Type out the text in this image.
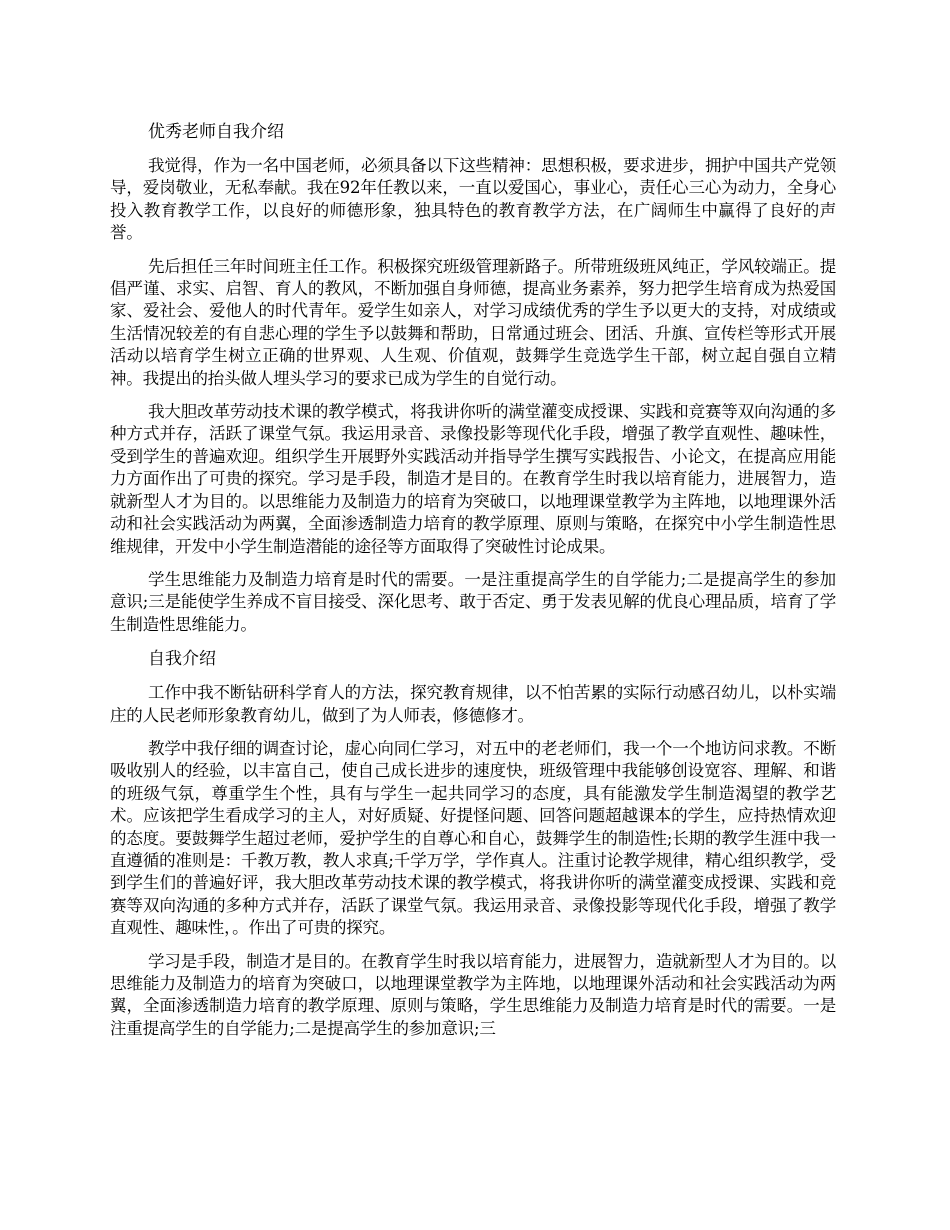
优秀老师自我介绍

我觉得，作为一名中国老师，必须具备以下这些精神：思想积极，要求进步，拥护中国共产党领导，爱岗敬业，无私奉献。我在92年任教以来，一直以爱国心，事业心，责任心三心为动力，全身心投入教育教学工作，以良好的师德形象，独具特色的教育教学方法，在广阔师生中赢得了良好的声誉。

先后担任三年时间班主任工作。积极探究班级管理新路子。所带班级班风纯正，学风较端正。提倡严谨、求实、启智、育人的教风，不断加强自身师德，提高业务素养，努力把学生培育成为热爱国家、爱社会、爱他人的时代青年。爱学生如亲人，对学习成绩优秀的学生予以更大的支持，对成绩或生活情况较差的有自悲心理的学生予以鼓舞和帮助，日常通过班会、团活、升旗、宣传栏等形式开展活动以培育学生树立正确的世界观、人生观、价值观，鼓舞学生竞选学生干部，树立起自强自立精神。我提出的抬头做人埋头学习的要求已成为学生的自觉行动。

我大胆改革劳动技术课的教学模式，将我讲你听的满堂灌变成授课、实践和竞赛等双向沟通的多种方式并存，活跃了课堂气氛。我运用录音、录像投影等现代化手段，增强了教学直观性、趣味性，受到学生的普遍欢迎。组织学生开展野外实践活动并指导学生撰写实践报告、小论文，在提高应用能力方面作出了可贵的探究。学习是手段，制造才是目的。在教育学生时我以培育能力，进展智力，造就新型人才为目的。以思维能力及制造力的培育为突破口，以地理课堂教学为主阵地，以地理课外活动和社会实践活动为两翼，全面渗透制造力培育的教学原理、原则与策略，在探究中小学生制造性思维规律，开发中小学生制造潜能的途径等方面取得了突破性讨论成果。

学生思维能力及制造力培育是时代的需要。一是注重提高学生的自学能力;二是提高学生的参加意识;三是能使学生养成不盲目接受、深化思考、敢于否定、勇于发表见解的优良心理品质，培育了学生制造性思维能力。

自我介绍

工作中我不断钻研科学育人的方法，探究教育规律，以不怕苦累的实际行动感召幼儿，以朴实端庄的人民老师形象教育幼儿，做到了为人师表，修德修才。

教学中我仔细的调查讨论，虚心向同仁学习，对五中的老老师们，我一个一个地访问求教。不断吸收别人的经验，以丰富自己，使自己成长进步的速度快，班级管理中我能够创设宽容、理解、和谐的班级气氛，尊重学生个性，具有与学生一起共同学习的态度，具有能激发学生制造渴望的教学艺术。应该把学生看成学习的主人，对好质疑、好提怪问题、回答问题超越课本的学生，应持热情欢迎的态度。要鼓舞学生超过老师，爱护学生的自尊心和自心，鼓舞学生的制造性;长期的教学生涯中我一直遵循的准则是：千教万教，教人求真;千学万学，学作真人。注重讨论教学规律，精心组织教学，受到学生们的普遍好评，我大胆改革劳动技术课的教学模式，将我讲你听的满堂灌变成授课、实践和竞赛等双向沟通的多种方式并存，活跃了课堂气氛。我运用录音、录像投影等现代化手段，增强了教学直观性、趣味性，。作出了可贵的探究。

学习是手段，制造才是目的。在教育学生时我以培育能力，进展智力，造就新型人才为目的。以思维能力及制造力的培育为突破口，以地理课堂教学为主阵地，以地理课外活动和社会实践活动为两翼，全面渗透制造力培育的教学原理、原则与策略，学生思维能力及制造力培育是时代的需要。一是注重提高学生的自学能力;二是提高学生的参加意识;三
